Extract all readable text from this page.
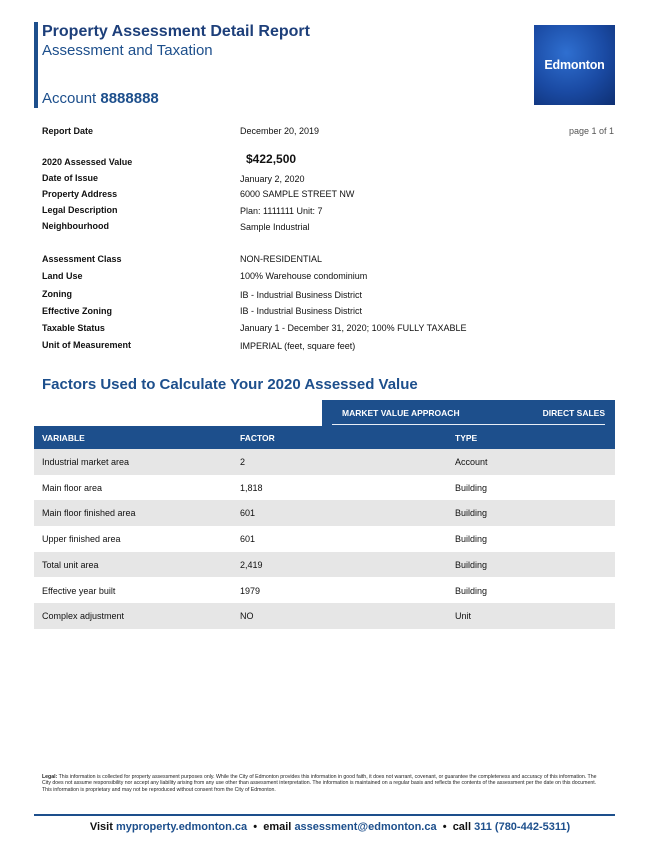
Property Assessment Detail Report
Assessment and Taxation
Account 8888888
Edmonton
Report Date	December 20, 2019	page 1 of 1
2020 Assessed Value	$422,500
Date of Issue	January 2, 2020
Property Address	6000 SAMPLE STREET NW
Legal Description	Plan: 1111111 Unit: 7
Neighbourhood	Sample Industrial
Assessment Class	NON-RESIDENTIAL
Land Use	100% Warehouse condominium
Zoning	IB - Industrial Business District
Effective Zoning	IB - Industrial Business District
Taxable Status	January 1 - December 31, 2020; 100% FULLY TAXABLE
Unit of Measurement	IMPERIAL (feet, square feet)
Factors Used to Calculate Your 2020 Assessed Value
MARKET VALUE APPROACH	DIRECT SALES
VARIABLE	FACTOR	TYPE
Industrial market area	2	Account
Main floor area	1,818	Building
Main floor finished area	601	Building
Upper finished area	601	Building
Total unit area	2,419	Building
Effective year built	1979	Building
Complex adjustment	NO	Unit
Legal: This information is collected for property assessment purposes only. While the City of Edmonton provides this information in good faith, it does not warrant, covenant, or guarantee the completeness and accuracy of this information. The City does not assume responsibility nor accept any liability arising from any use other than assessment interpretation. The information is maintained on a regular basis and reflects the contents of the assessment per the date on this document. This information is proprietary and may not be reproduced without consent from the City of Edmonton.
Visit myproperty.edmonton.ca  •  email assessment@edmonton.ca  •  call 311 (780-442-5311)
